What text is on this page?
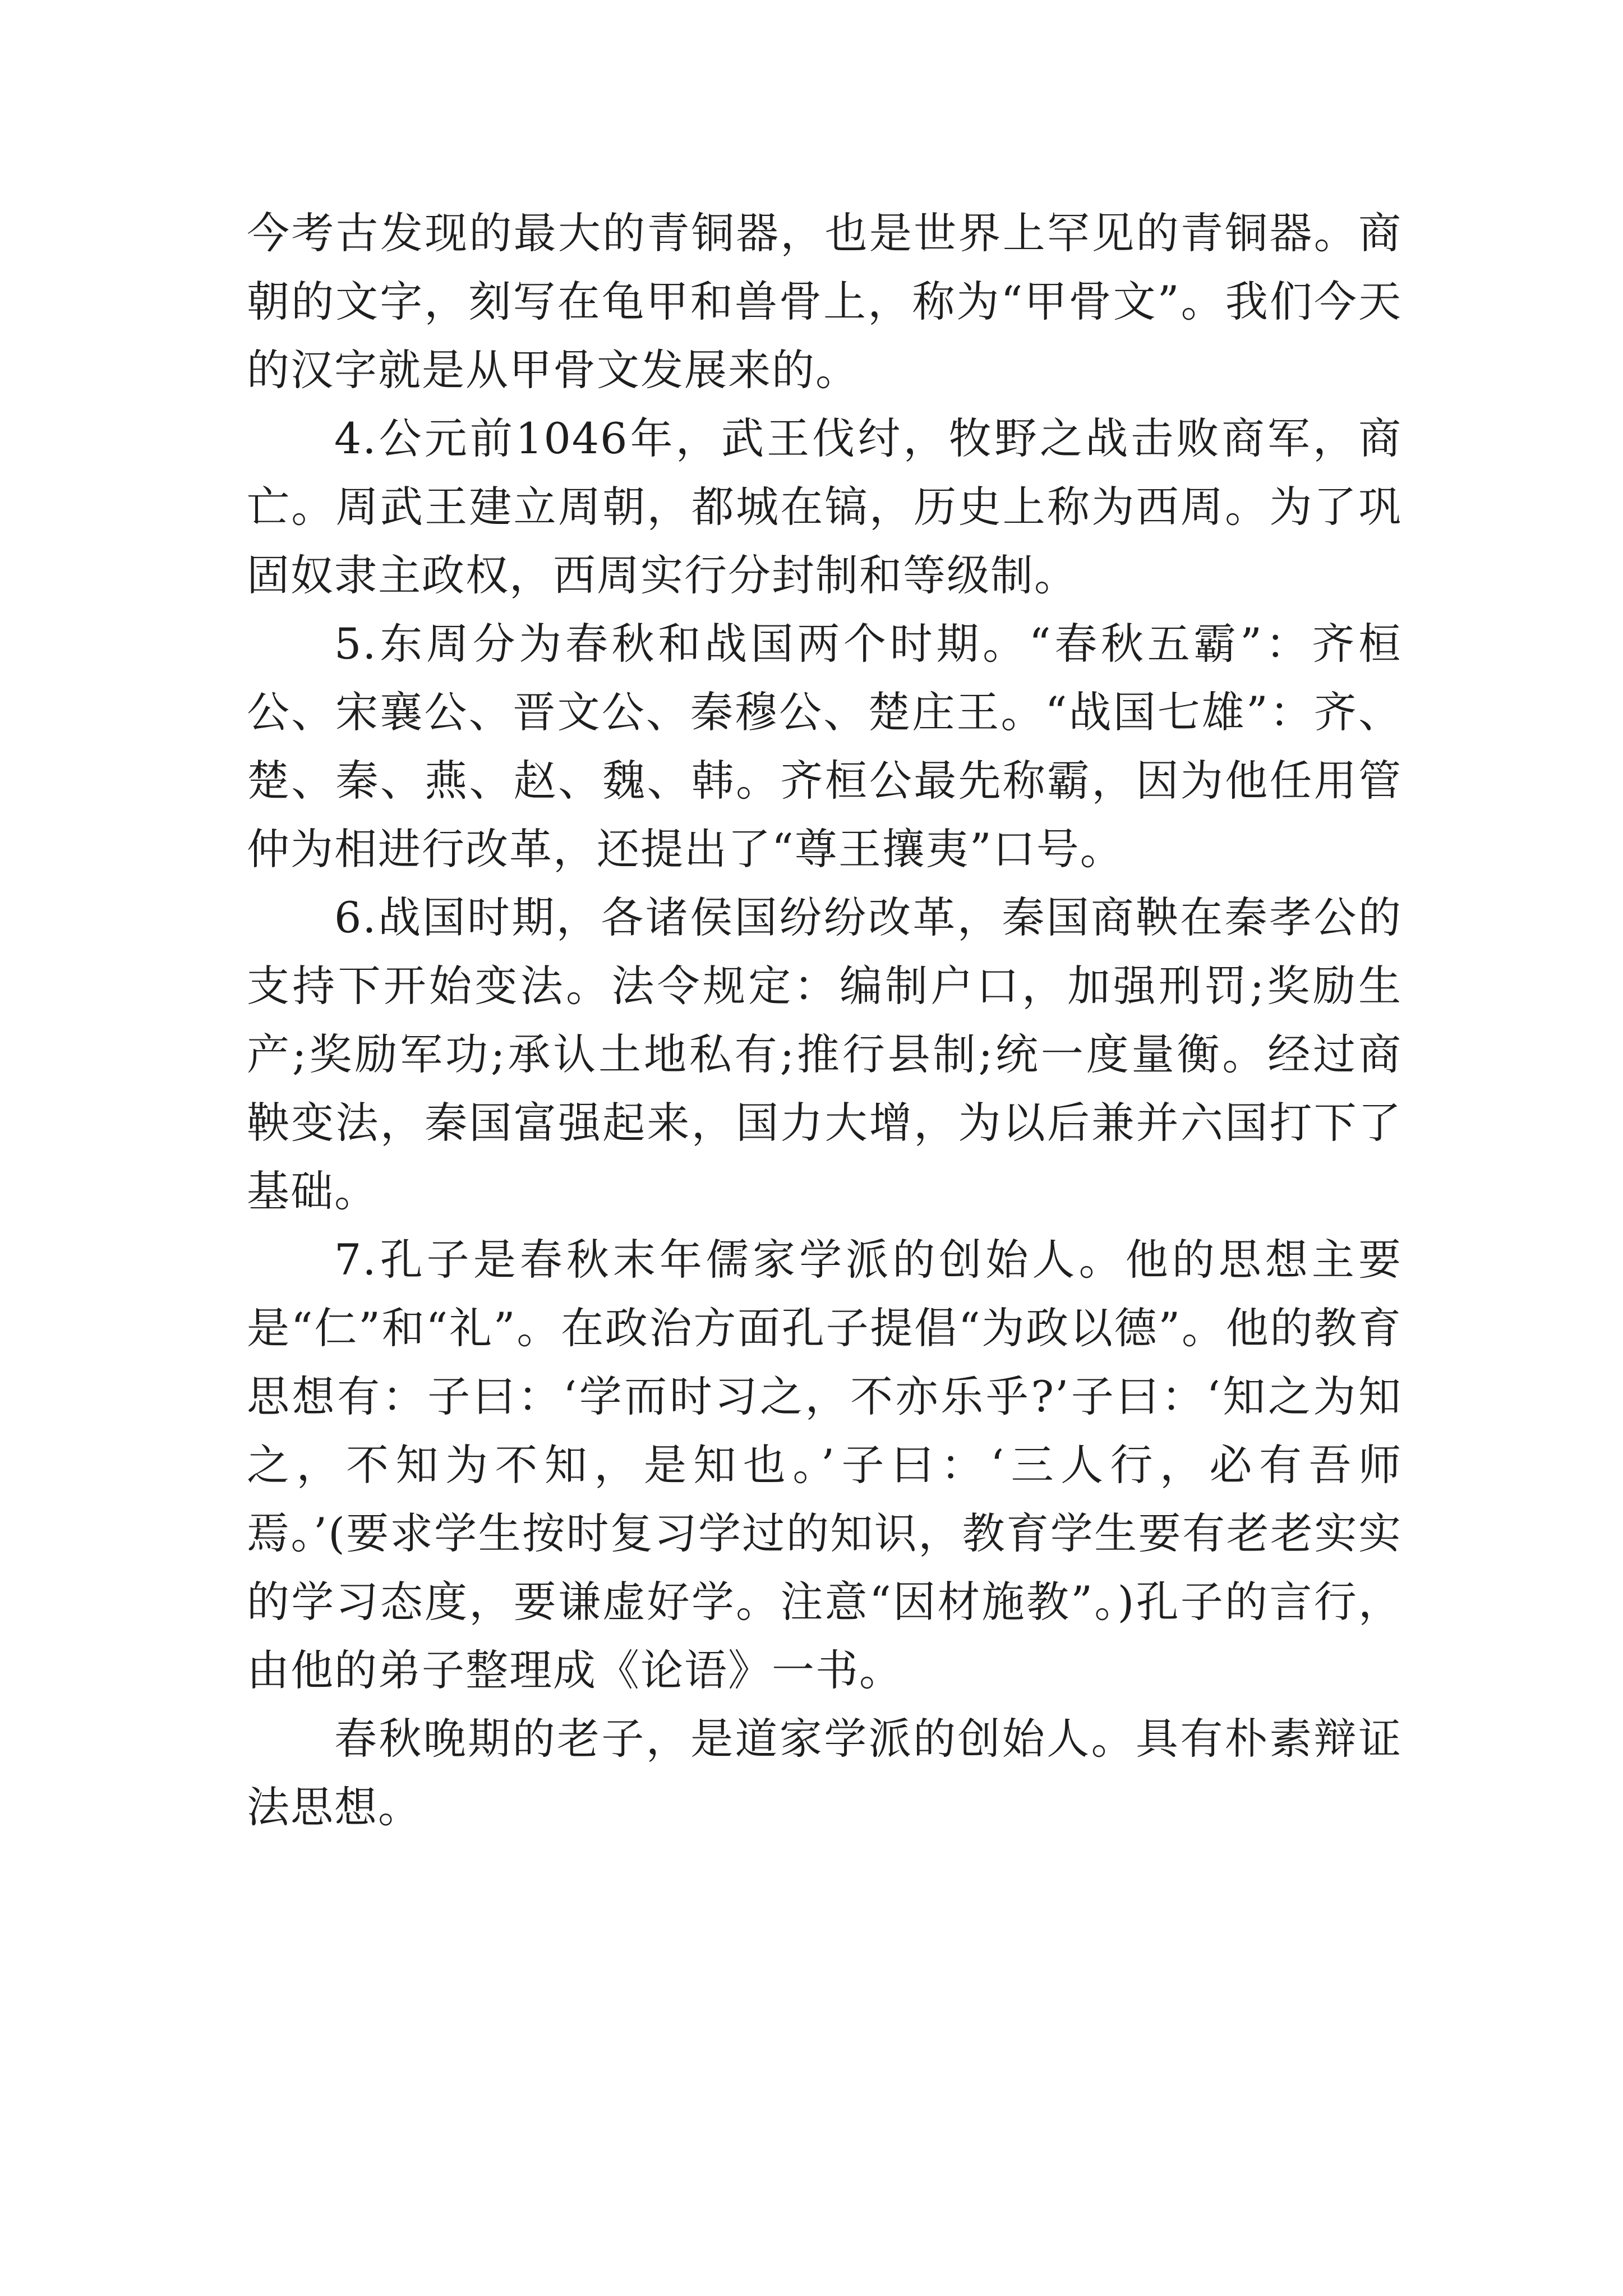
今考古发现的最大的青铜器，也是世界上罕见的青铜器。商朝的文字，刻写在龟甲和兽骨上，称为“甲骨文”。我们今天的汉字就是从甲骨文发展来的。

4.公元前1046年，武王伐纣，牧野之战击败商军，商亡。周武王建立周朝，都城在镐，历史上称为西周。为了巩固奴隶主政权，西周实行分封制和等级制。

5.东周分为春秋和战国两个时期。“春秋五霸”：齐桓公、宋襄公、晋文公、秦穆公、楚庄王。“战国七雄”：齐、楚、秦、燕、赵、魏、韩。齐桓公最先称霸，因为他任用管仲为相进行改革，还提出了“尊王攘夷”口号。

6.战国时期，各诸侯国纷纷改革，秦国商鞅在秦孝公的支持下开始变法。法令规定：编制户口，加强刑罚;奖励生产;奖励军功;承认土地私有;推行县制;统一度量衡。经过商鞅变法，秦国富强起来，国力大增，为以后兼并六国打下了基础。

7.孔子是春秋末年儒家学派的创始人。他的思想主要是“仁”和“礼”。在政治方面孔子提倡“为政以德”。他的教育思想有：子曰：‘学而时习之，不亦乐乎?’子曰：‘知之为知之，不知为不知，是知也。’子曰：‘三人行，必有吾师焉。’(要求学生按时复习学过的知识，教育学生要有老老实实的学习态度，要谦虚好学。注意“因材施教”。)孔子的言行，由他的弟子整理成《论语》一书。

春秋晚期的老子，是道家学派的创始人。具有朴素辩证法思想。
